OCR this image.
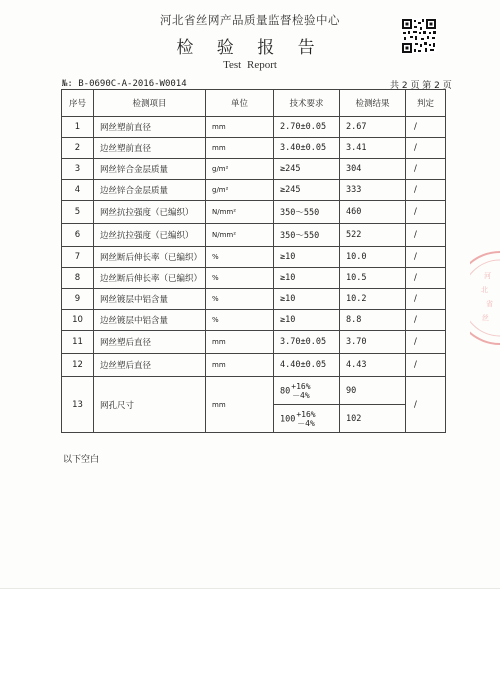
河北省丝网产品质量监督检验中心
检 验 报 告
Test Report
№: B-0690C-A-2016-W0014	共 2 页 第 2 页
序号	检测项目	单位	技术要求	检测结果	判定
1	网丝塑前直径	mm	2.70±0.05	2.67	/
2	边丝塑前直径	mm	3.40±0.05	3.41	/
3	网丝锌合金层质量	g/m²	≥245	304	/
4	边丝锌合金层质量	g/m²	≥245	333	/
5	网丝抗拉强度（已编织）	N/mm²	350～550	460	/
6	边丝抗拉强度（已编织）	N/mm²	350～550	522	/
7	网丝断后伸长率（已编织）	%	≥10	10.0	/
8	边丝断后伸长率（已编织）	%	≥10	10.5	/
9	网丝镀层中铝含量	%	≥10	10.2	/
10	边丝镀层中铝含量	%	≥10	8.8	/
11	网丝塑后直径	mm	3.70±0.05	3.70	/
12	边丝塑后直径	mm	4.40±0.05	4.43	/
13	网孔尺寸	mm	80+16%
－4%	90	/
			100+16%
－4%	102	
以下空白
河
北
省
丝
